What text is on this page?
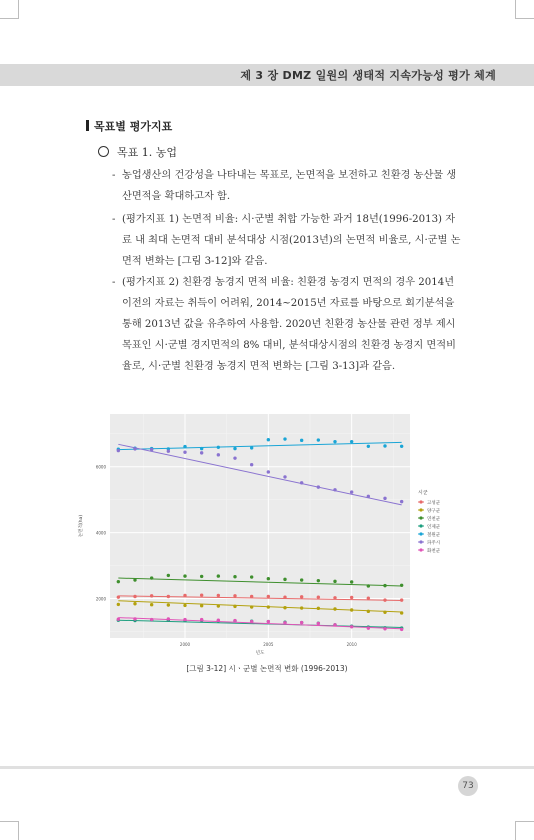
제 3 장 DMZ 일원의 생태적 지속가능성 평가 체계
목표별 평가지표
목표 1. 농업
- 농업생산의 건강성을 나타내는 목표로, 논면적을 보전하고 친환경 농산물 생산면적을 확대하고자 함.
- (평가지표 1) 논면적 비율: 시·군별 취합 가능한 과거 18년(1996-2013) 자료 내 최대 논면적 대비 분석대상 시점(2013년)의 논면적 비율로, 시·군별 논면적 변화는 [그림 3-12]와 같음.
- (평가지표 2) 친환경 농경지 면적 비율: 친환경 농경지 면적의 경우 2014년 이전의 자료는 취득이 어려워, 2014~2015년 자료를 바탕으로 회기분석을 통해 2013년 값을 유추하여 사용함. 2020년 친환경 농산물 관련 정부 제시 목표인 시·군별 경지면적의 8% 대비, 분석대상시점의 친환경 농경지 면적비율로, 시·군별 친환경 농경지 면적 변화는 [그림 3-13]과 같음.
2000
4000
6000
2000	2005	2010
년도
논면적(ha)
시군
고성군
양구군
연천군
인제군
철원군
파주시
화천군
[그림 3-12] 시ㆍ군별 논면적 변화 (1996-2013)
73
